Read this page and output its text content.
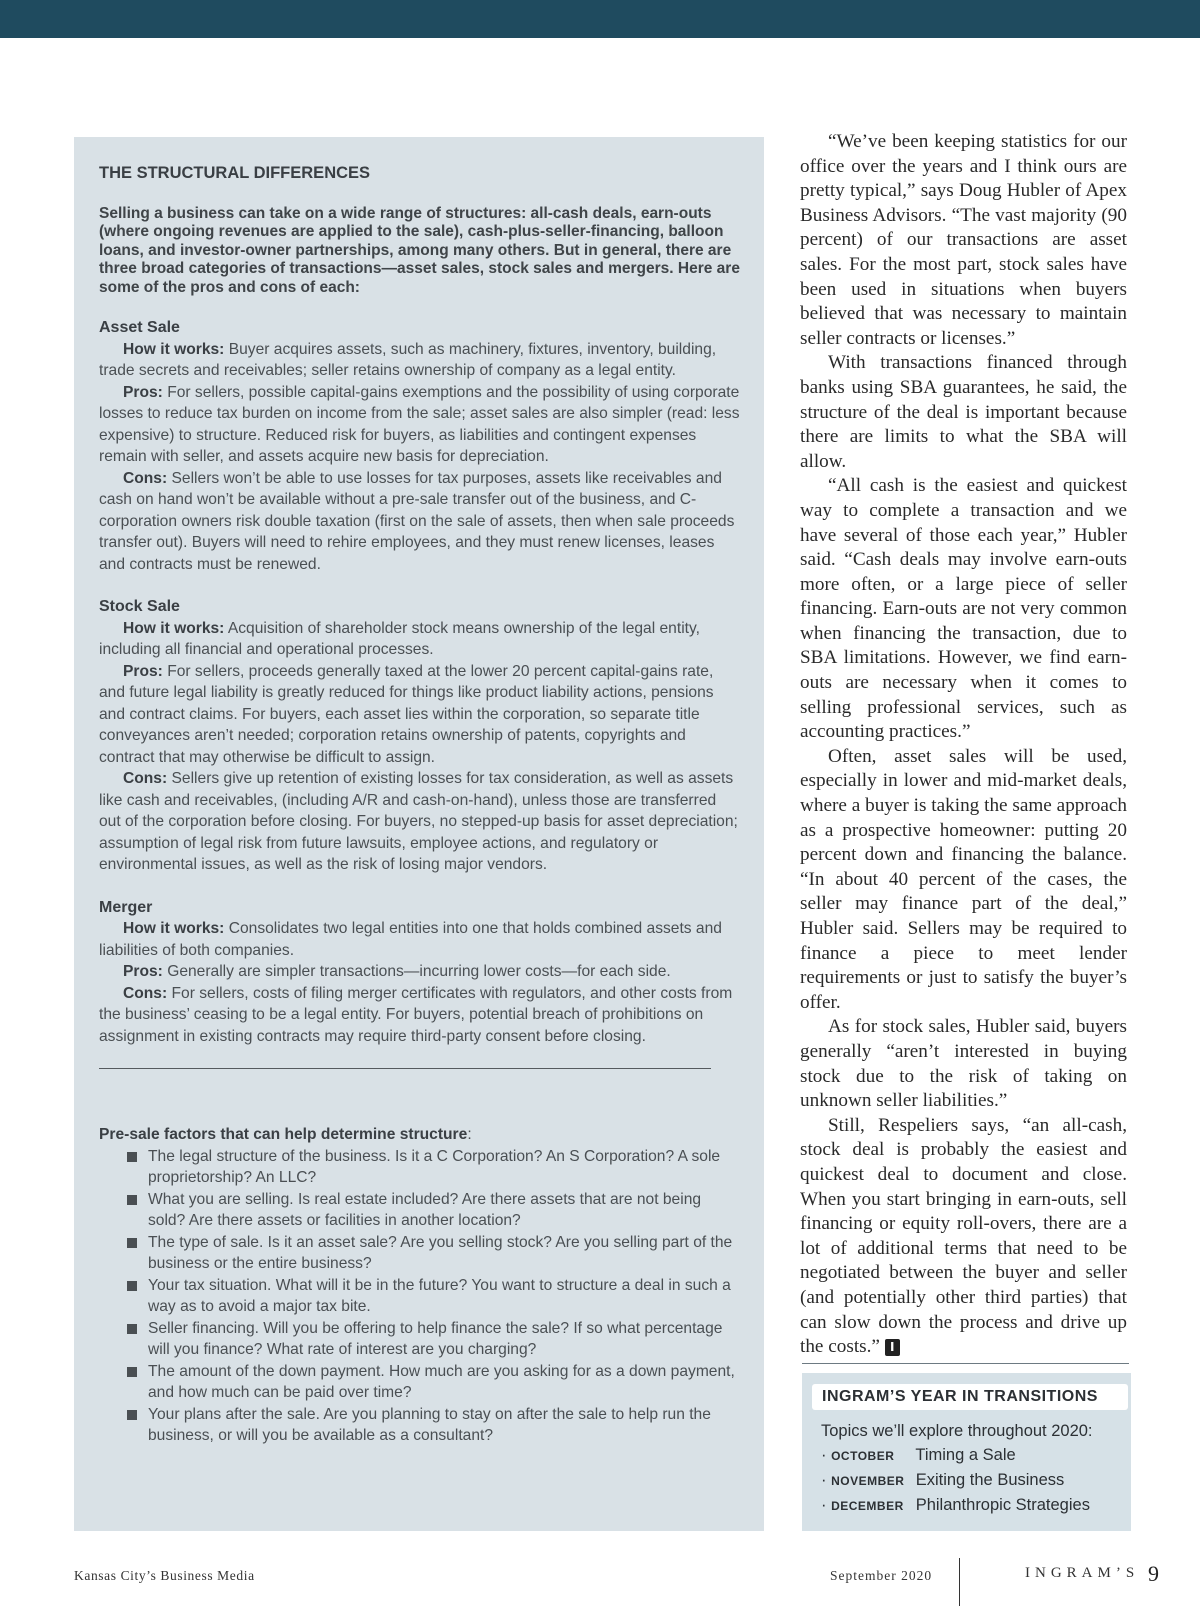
THE STRUCTURAL DIFFERENCES
Selling a business can take on a wide range of structures: all-cash deals, earn-outs (where ongoing revenues are applied to the sale), cash-plus-seller-financing, balloon loans, and investor-owner partnerships, among many others. But in general, there are three broad categories of transactions—asset sales, stock sales and mergers. Here are some of the pros and cons of each:
Asset Sale

How it works: Buyer acquires assets, such as machinery, fixtures, inventory, building, trade secrets and receivables; seller retains ownership of company as a legal entity.

Pros: For sellers, possible capital-gains exemptions and the possibility of using corporate losses to reduce tax burden on income from the sale; asset sales are also simpler (read: less expensive) to structure. Reduced risk for buyers, as liabilities and contingent expenses remain with seller, and assets acquire new basis for depreciation.

Cons: Sellers won’t be able to use losses for tax purposes, assets like receivables and cash on hand won’t be available without a pre-sale transfer out of the business, and C-corporation owners risk double taxation (first on the sale of assets, then when sale proceeds transfer out). Buyers will need to rehire employees, and they must renew licenses, leases and contracts must be renewed.

Stock Sale

How it works: Acquisition of shareholder stock means ownership of the legal entity, including all financial and operational processes.

Pros: For sellers, proceeds generally taxed at the lower 20 percent capital-gains rate, and future legal liability is greatly reduced for things like product liability actions, pensions and contract claims. For buyers, each asset lies within the corporation, so separate title conveyances aren’t needed; corporation retains ownership of patents, copyrights and contract that may otherwise be difficult to assign.

Cons: Sellers give up retention of existing losses for tax consideration, as well as assets like cash and receivables, (including A/R and cash-on-hand), unless those are transferred out of the corporation before closing. For buyers, no stepped-up basis for asset depreciation; assumption of legal risk from future lawsuits, employee actions, and regulatory or environmental issues, as well as the risk of losing major vendors.

Merger

How it works: Consolidates two legal entities into one that holds combined assets and liabilities of both companies.

Pros: Generally are simpler transactions—incurring lower costs—for each side.

Cons: For sellers, costs of filing merger certificates with regulators, and other costs from the business’ ceasing to be a legal entity. For buyers, potential breach of prohibitions on assignment in existing contracts may require third-party consent before closing.

Pre-sale factors that can help determine structure:
The legal structure of the business. Is it a C Corporation? An S Corporation? A sole proprietorship? An LLC?
What you are selling. Is real estate included? Are there assets that are not being sold? Are there assets or facilities in another location?
The type of sale. Is it an asset sale? Are you selling stock? Are you selling part of the business or the entire business?
Your tax situation. What will it be in the future? You want to structure a deal in such a way as to avoid a major tax bite.
Seller financing. Will you be offering to help finance the sale? If so what percentage will you finance? What rate of interest are you charging?
The amount of the down payment. How much are you asking for as a down payment, and how much can be paid over time?
Your plans after the sale. Are you planning to stay on after the sale to help run the business, or will you be available as a consultant?

“We’ve been keeping statistics for our office over the years and I think ours are pretty typical,” says Doug Hubler of Apex Business Advisors. “The vast majority (90 percent) of our transactions are asset sales. For the most part, stock sales have been used in situations when buyers believed that was necessary to maintain seller contracts or licenses.”

With transactions financed through banks using SBA guarantees, he said, the structure of the deal is important because there are limits to what the SBA will allow.

“All cash is the easiest and quickest way to complete a transaction and we have several of those each year,” Hubler said. “Cash deals may involve earn-outs more often, or a large piece of seller financing. Earn-outs are not very common when financing the transaction, due to SBA limitations. However, we find earn-outs are necessary when it comes to selling professional services, such as accounting practices.”

Often, asset sales will be used, especially in lower and mid-market deals, where a buyer is taking the same approach as a prospective homeowner: putting 20 percent down and financing the balance. “In about 40 percent of the cases, the seller may finance part of the deal,” Hubler said. Sellers may be required to finance a piece to meet lender requirements or just to satisfy the buyer’s offer.

As for stock sales, Hubler said, buyers generally “aren’t interested in buying stock due to the risk of taking on unknown seller liabilities.”

Still, Respeliers says, “an all-cash, stock deal is probably the easiest and quickest deal to document and close. When you start bringing in earn-outs, sell financing or equity roll-overs, there are a lot of additional terms that need to be negotiated between the buyer and seller (and potentially other third parties) that can slow down the process and drive up the costs.” I

INGRAM’S YEAR IN TRANSITIONS
Topics we’ll explore throughout 2020:
· OCTOBER Timing a Sale
· NOVEMBER Exiting the Business
· DECEMBER Philanthropic Strategies
Kansas City’s Business Media	September 2020	INGRAM’S 9
